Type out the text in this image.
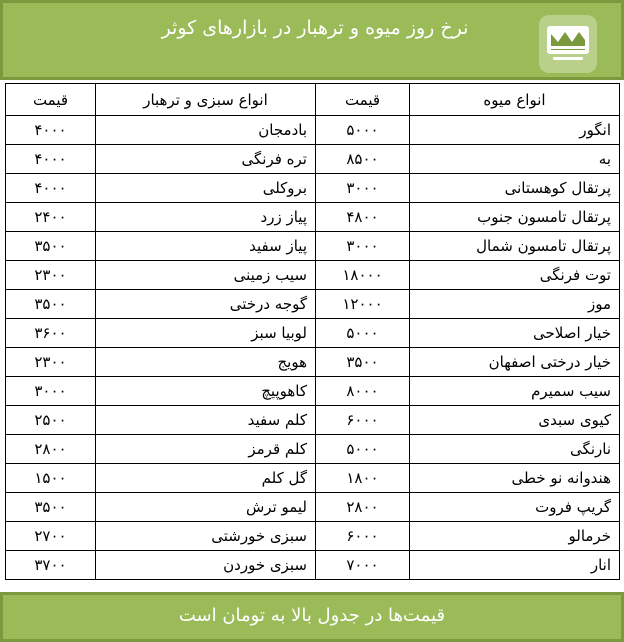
نرخ روز میوه و ترهبار در بازارهای کوثر
قیمت	انواع سبزی و ترهبار	قیمت	انواع میوه
۴۰۰۰	بادمجان	۵۰۰۰	انگور
۴۰۰۰	تره فرنگی	۸۵۰۰	به
۴۰۰۰	بروکلی	۳۰۰۰	پرتقال کوهستانی
۲۴۰۰	پیاز زرد	۴۸۰۰	پرتقال تامسون جنوب
۳۵۰۰	پیاز سفید	۳۰۰۰	پرتقال تامسون شمال
۲۳۰۰	سیب زمینی	۱۸۰۰۰	توت فرنگی
۳۵۰۰	گوجه درختی	۱۲۰۰۰	موز
۳۶۰۰	لوبیا سبز	۵۰۰۰	خیار اصلاحی
۲۳۰۰	هویج	۳۵۰۰	خیار درختی اصفهان
۳۰۰۰	کاهوپیچ	۸۰۰۰	سیب سمیرم
۲۵۰۰	کلم سفید	۶۰۰۰	کیوی سبدی
۲۸۰۰	کلم قرمز	۵۰۰۰	نارنگی
۱۵۰۰	گل کلم	۱۸۰۰	هندوانه نو خطی
۳۵۰۰	لیمو ترش	۲۸۰۰	گریپ فروت
۲۷۰۰	سبزی خورشتی	۶۰۰۰	خرمالو
۳۷۰۰	سبزی خوردن	۷۰۰۰	انار
قیمت‌ها در جدول بالا به تومان است
